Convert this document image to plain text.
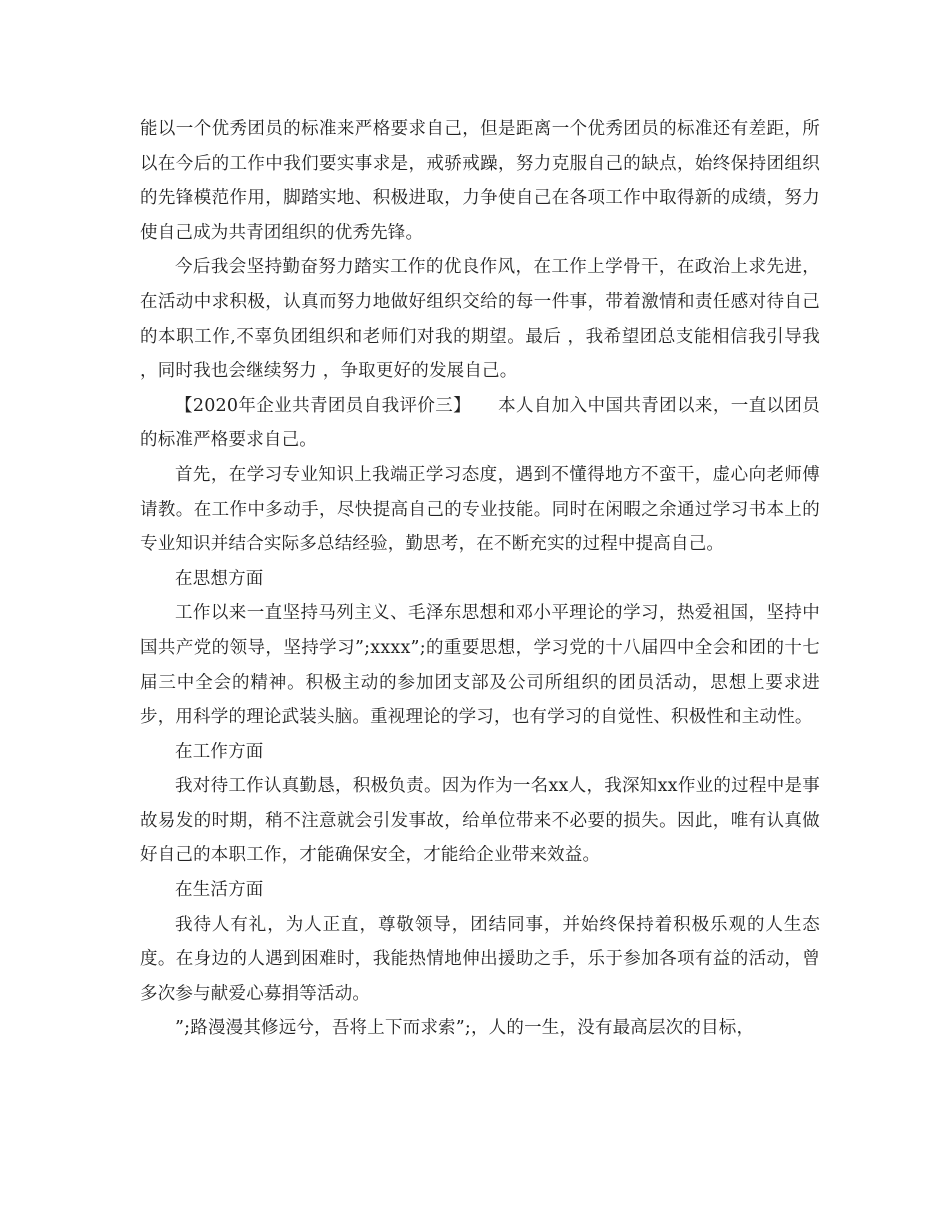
能以一个优秀团员的标准来严格要求自己，但是距离一个优秀团员的标准还有差距，所以在今后的工作中我们要实事求是，戒骄戒躁，努力克服自己的缺点，始终保持团组织的先锋模范作用，脚踏实地、积极进取，力争使自己在各项工作中取得新的成绩，努力使自己成为共青团组织的优秀先锋。

今后我会坚持勤奋努力踏实工作的优良作风，在工作上学骨干，在政治上求先进，在活动中求积极，认真而努力地做好组织交给的每一件事，带着激情和责任感对待自己的本职工作,不辜负团组织和老师们对我的期望。最后 ，我希望团总支能相信我引导我 ，同时我也会继续努力 ，争取更好的发展自己。

【2020年企业共青团员自我评价三】　　本人自加入中国共青团以来，一直以团员的标准严格要求自己。

首先，在学习专业知识上我端正学习态度，遇到不懂得地方不蛮干，虚心向老师傅请教。在工作中多动手，尽快提高自己的专业技能。同时在闲暇之余通过学习书本上的专业知识并结合实际多总结经验，勤思考，在不断充实的过程中提高自己。

在思想方面

工作以来一直坚持马列主义、毛泽东思想和邓小平理论的学习，热爱祖国，坚持中国共产党的领导，坚持学习”;xxxx”;的重要思想，学习党的十八届四中全会和团的十七届三中全会的精神。积极主动的参加团支部及公司所组织的团员活动，思想上要求进步，用科学的理论武装头脑。重视理论的学习，也有学习的自觉性、积极性和主动性。

在工作方面

我对待工作认真勤恳，积极负责。因为作为一名xx人，我深知xx作业的过程中是事故易发的时期，稍不注意就会引发事故，给单位带来不必要的损失。因此，唯有认真做好自己的本职工作，才能确保安全，才能给企业带来效益。

在生活方面

我待人有礼，为人正直，尊敬领导，团结同事，并始终保持着积极乐观的人生态度。在身边的人遇到困难时，我能热情地伸出援助之手，乐于参加各项有益的活动，曾多次参与献爱心募捐等活动。

”;路漫漫其修远兮，吾将上下而求索”;，人的一生，没有最高层次的目标，
